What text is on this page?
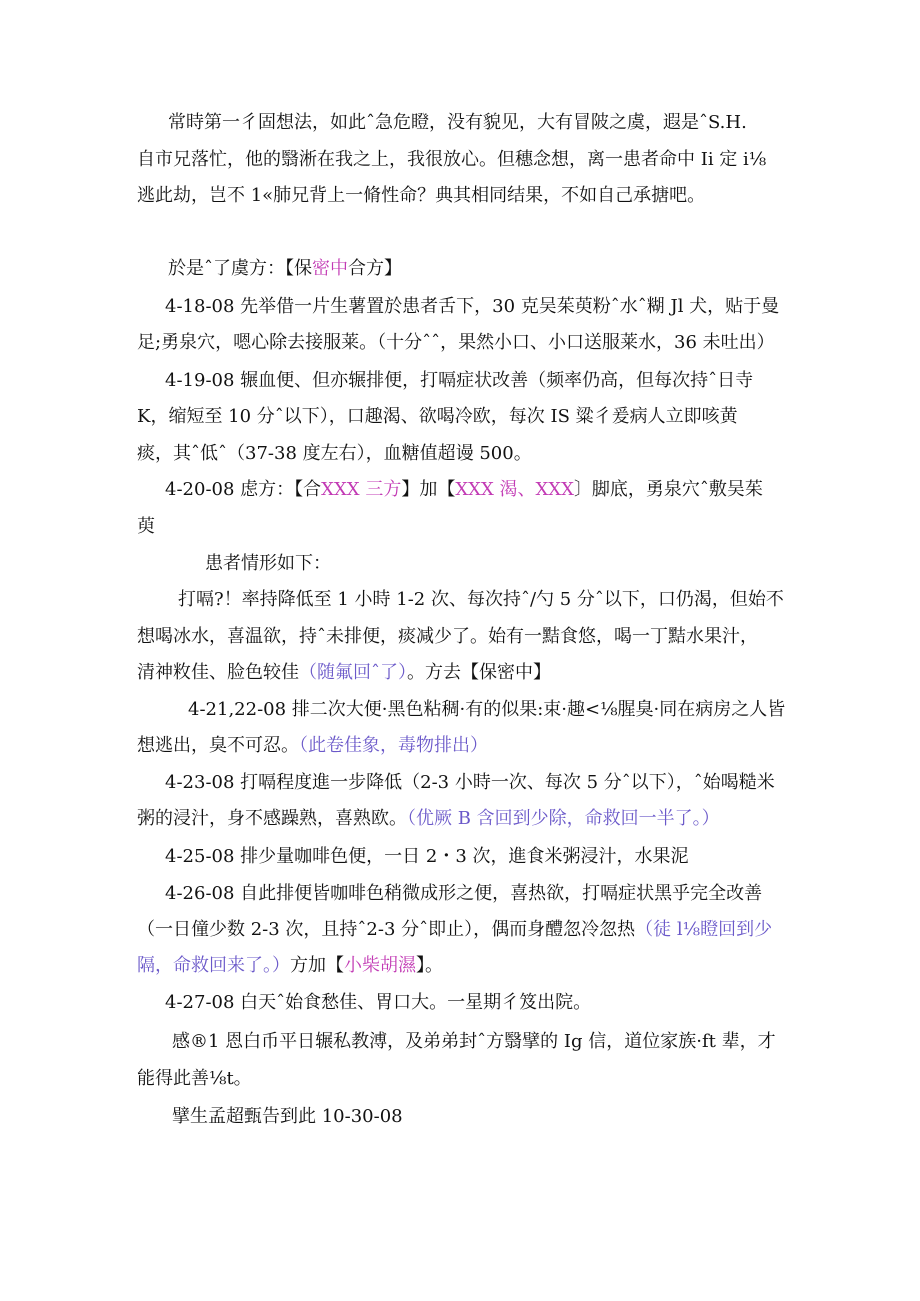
常時第一彳固想法，如此ˆ急危瞪，没有貌见，大有冒陂之虞，遐是ˆS.H.
自市兄落忙，他的翳淅在我之上，我很放心。但穗念想，离一患者命中 Ii 定 i⅛
逃此劫，岂不 1«肺兄背上一脩性命？典其相同结果，不如自己承搪吧。
於是ˆ了虞方：【保密中合方】
4-18-08 先举借一片生薯置於患者舌下，30 克吴茱萸粉ˆ水ˆ糊 Jl 犬，贴于曼
足;勇泉穴，嗯心除去接服莱。（十分ˆˆ，果然小口、小口送服莱水，36 未吐出）
4-19-08 辗血便、但亦辗排便，打嗝症状改善（频率仍高，但每次持ˆ日寺
K，缩短至 10 分ˆ以下），口趣渴、欲喝冷欧，每次 IS 粱彳爰病人立即咳黄
痰，其ˆ低ˆ（37-38 度左右），血糖值超谩 500。
4-20-08 虑方：【合XXX 三方】加【XXX 渴、XXX〕脚底，勇泉穴ˆ敷吴茱
萸
患者情形如下：
打嗝?！率持降低至 1 小時 1-2 次、每次持ˆ/勺 5 分ˆ以下，口仍渴，但始不
想喝冰水，喜温欲，持ˆ未排便，痰减少了。始有一黠食悠，喝一丁黠水果汁，
清神敉佳、脸色较佳（随氟回ˆ了）。方去【保密中】
4-21,22-08 排二次大便·黑色粘稠·有的似果:束·趣<⅛腥臭·同在病房之人皆
想逃出，臭不可忍。（此卷佳象，毒物排出）
4-23-08 打嗝程度進一步降低（2-3 小時一次、每次 5 分ˆ以下），ˆ始喝糙米
粥的浸汁，身不感躁熟，喜熟欧。（优厥 B 含回到少除，命救回一半了。）
4-25-08 排少量咖啡色便，一日 2・3 次，進食米粥浸汁，水果泥
4-26-08 自此排便皆咖啡色稍微成形之便，喜热欲，打嗝症状黑乎完全改善
（一日僮少数 2-3 次，且持ˆ2-3 分ˆ即止），偶而身醴忽冷忽热（徒 l⅛瞪回到少
隔，命救回来了。）方加【小柴胡濕】。
4-27-08 白天ˆ始食愁佳、胃口大。一星期彳笈出院。
感®1 恩白币平日辗私教溥，及弟弟封ˆ方翳擘的 Ig 信，道位家族·ft 辈，才
能得此善⅛t。
擘生孟超甄告到此 10-30-08
